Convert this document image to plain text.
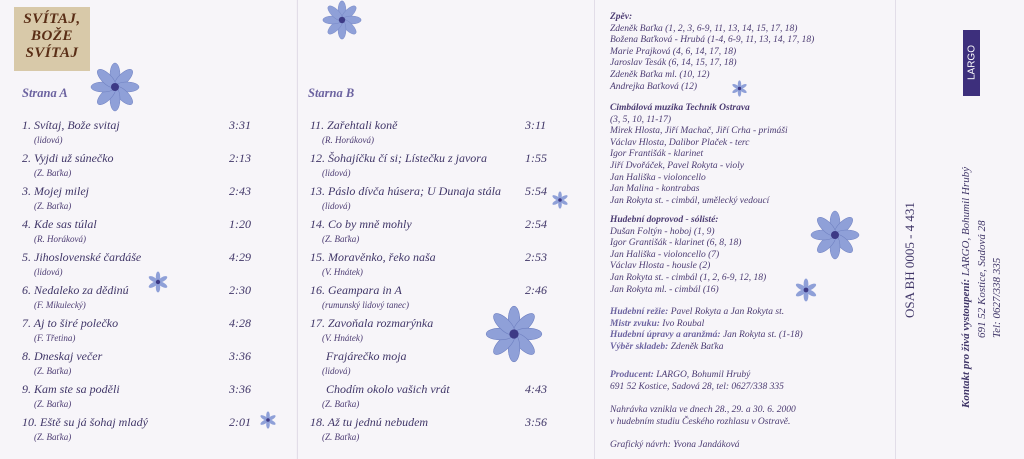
SVÍTAJ,
BOŽE
SVÍTAJ
Strana A	Starna B
1. Svítaj, Bože svitaj
(lidová)
3:31
2. Vyjdi už súnečko
(Z. Baťka)
2:13
3. Mojej milej
(Z. Baťka)
2:43
4. Kde sas túlal
(R. Horáková)
1:20
5. Jihoslovenské čardáše
(lidová)
4:29
6. Nedaleko za dědinú
(F. Mikulecký)
2:30
7. Aj to širé polečko
(F. Třetina)
4:28
8. Dneskaj večer
(Z. Baťka)
3:36
9. Kam ste sa poděli
(Z. Baťka)
3:36
10. Eště su já šohaj mladý
(Z. Baťka)
2:01
11. Zařehtali koně
(R. Horáková)
3:11
12. Šohajíčku čí si; Lístečku z javora
(lidová)
1:55
13. Páslo dívča húsera; U Dunaja stála
(lidová)
5:54
14. Co by mně mohly
(Z. Baťka)
2:54
15. Moravěnko, řeko naša
(V. Hnátek)
2:53
16. Geampara in A
(rumunský lidový tanec)
2:46
17. Zavoňala rozmarýnka
(V. Hnátek)
Frajárečko moja
(lidová)
Chodím okolo vašich vrát
(Z. Baťka)
4:43
18. Až tu jednú nebudem
(Z. Baťka)
3:56
Zpěv:
Zdeněk Baťka (1, 2, 3, 6-9, 11, 13, 14, 15, 17, 18)
Božena Baťková - Hrubá (1-4, 6-9, 11, 13, 14, 17, 18)
Marie Prajková (4, 6, 14, 17, 18)
Jaroslav Tesák (6, 14, 15, 17, 18)
Zdeněk Baťka ml. (10, 12)
Andrejka Baťková (12)
Cimbálová muzika Technik Ostrava
(3, 5, 10, 11-17)
Mirek Hlosta, Jiří Machač, Jiří Crha - primáši
Václav Hlosta, Dalibor Plaček - terc
Igor Františák - klarinet
Jiří Dvořáček, Pavel Rokyta - violy
Jan Hališka - violoncello
Jan Malina - kontrabas
Jan Rokyta st. - cimbál, umělecký vedoucí
Hudební doprovod - sólisté:
Dušan Foltýn - hoboj (1, 9)
Igor Grantišák - klarinet (6, 8, 18)
Jan Hališka - violoncello (7)
Václav Hlosta - housle (2)
Jan Rokyta st. - cimbál (1, 2, 6-9, 12, 18)
Jan Rokyta ml. - cimbál (16)
Hudební režie: Pavel Rokyta a Jan Rokyta st.
Mistr zvuku: Ivo Roubal
Hudební úpravy a aranžmá: Jan Rokyta st. (1-18)
Výběr skladeb: Zdeněk Baťka
Producent: LARGO, Bohumil Hrubý
691 52 Kostice, Sadová 28, tel: 0627/338 335
Nahrávka vznikla ve dnech 28., 29. a 30. 6. 2000
v hudebním studiu Českého rozhlasu v Ostravě.
Grafický návrh: Yvona Jandáková
LARGO
OSA BH 0005 - 4 431
Kontakt pro živá vystoupení: LARGO, Bohumil Hrubý 691 52 Kostice, Sadová 28 Tel: 0627/338 335
